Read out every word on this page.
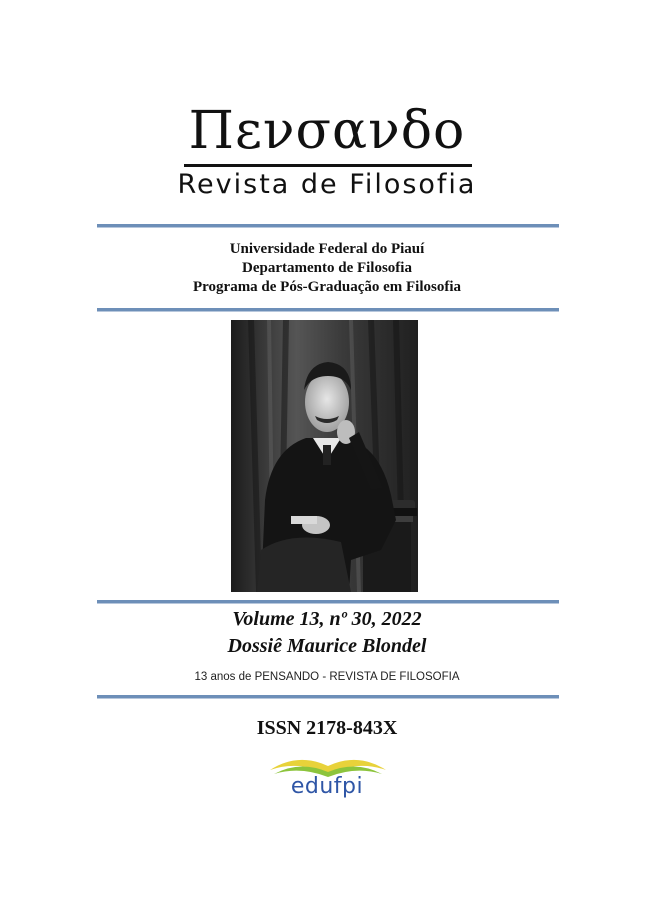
Πενσανδο
Revista de Filosofia
Universidade Federal do Piauí
Departamento de Filosofia
Programa de Pós-Graduação em Filosofia
Volume 13, nº 30, 2022
Dossiê Maurice Blondel
13 anos de PENSANDO - REVISTA DE FILOSOFIA
ISSN 2178-843X
edufpi
